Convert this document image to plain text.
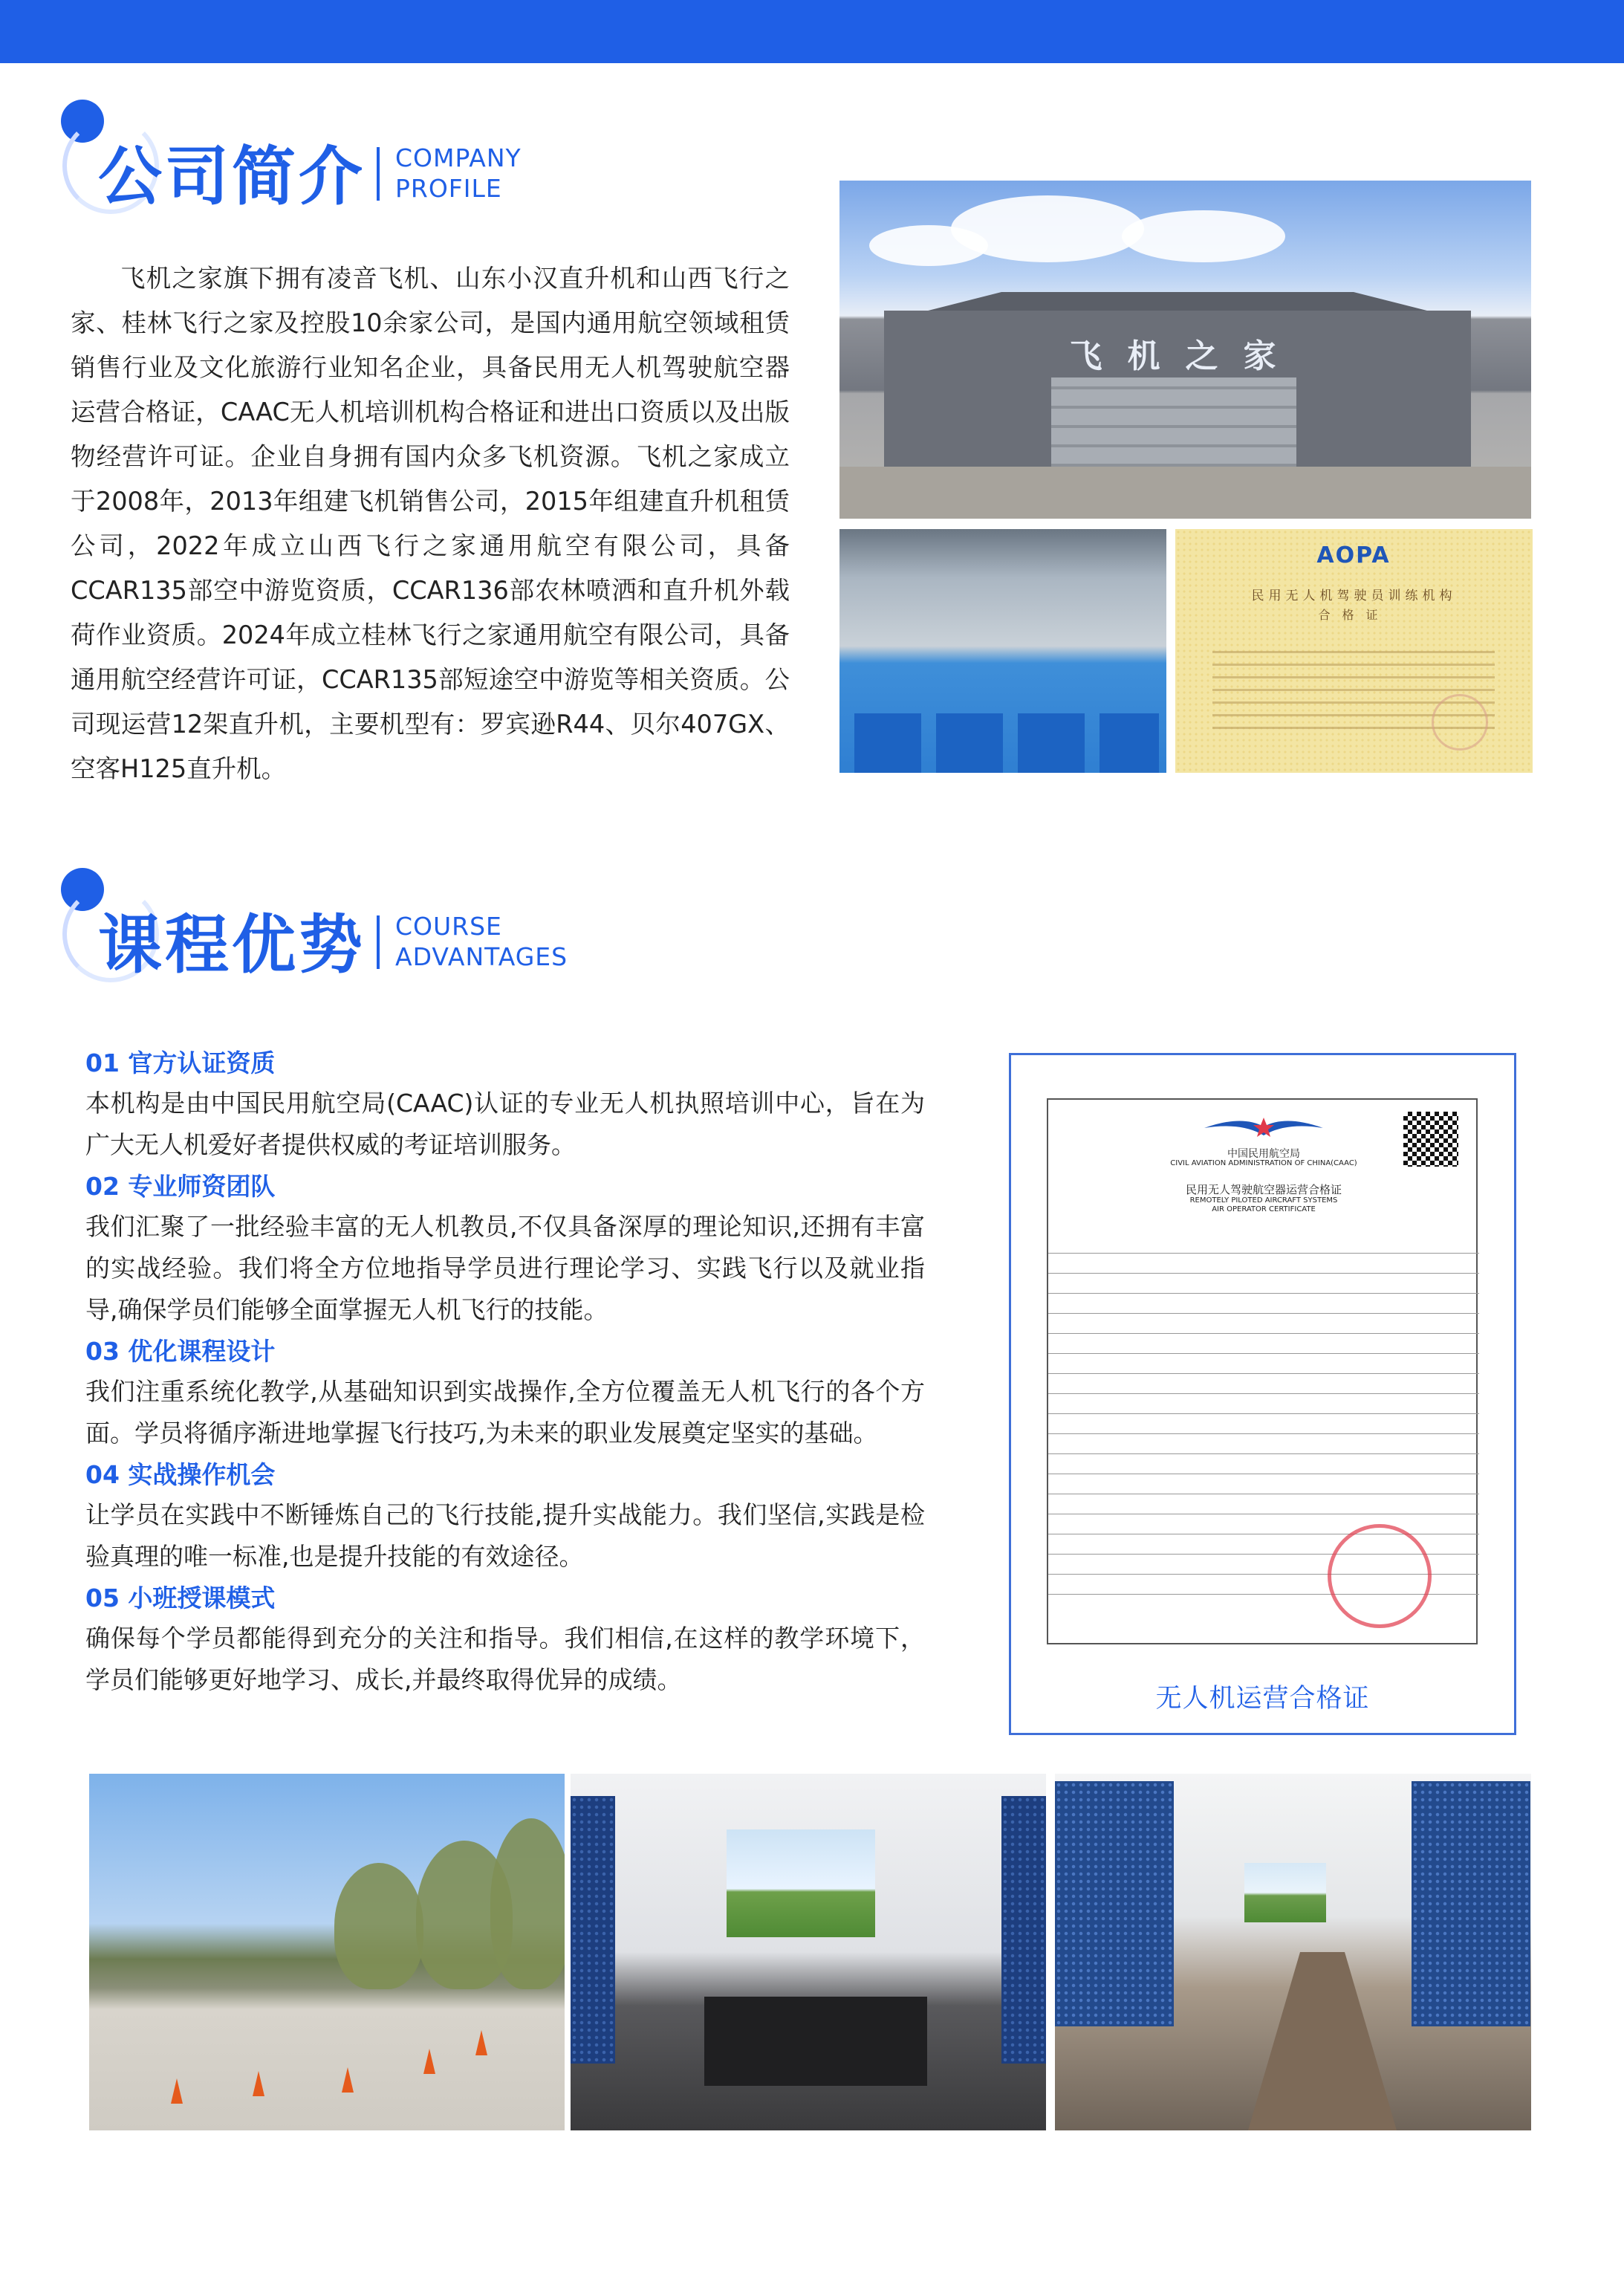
公司简介 COMPANY
PROFILE
飞机之家旗下拥有凌音飞机、山东小汉直升机和山西飞行之家、桂林飞行之家及控股10余家公司，是国内通用航空领域租赁销售行业及文化旅游行业知名企业，具备民用无人机驾驶航空器运营合格证，CAAC无人机培训机构合格证和进出口资质以及出版物经营许可证。企业自身拥有国内众多飞机资源。飞机之家成立于2008年，2013年组建飞机销售公司，2015年组建直升机租赁公司，2022年成立山西飞行之家通用航空有限公司，具备CCAR135部空中游览资质，CCAR136部农林喷洒和直升机外载荷作业资质。2024年成立桂林飞行之家通用航空有限公司，具备通用航空经营许可证，CCAR135部短途空中游览等相关资质。公司现运营12架直升机，主要机型有：罗宾逊R44、贝尔407GX、空客H125直升机。
飞机之家
AOPA
民用无人机驾驶员训练机构
合格证
课程优势 COURSE
ADVANTAGES
01 官方认证资质
本机构是由中国民用航空局(CAAC)认证的专业无人机执照培训中心，旨在为广大无人机爱好者提供权威的考证培训服务。
02 专业师资团队
我们汇聚了一批经验丰富的无人机教员,不仅具备深厚的理论知识,还拥有丰富的实战经验。我们将全方位地指导学员进行理论学习、实践飞行以及就业指导,确保学员们能够全面掌握无人机飞行的技能。
03 优化课程设计
我们注重系统化教学,从基础知识到实战操作,全方位覆盖无人机飞行的各个方面。学员将循序渐进地掌握飞行技巧,为未来的职业发展奠定坚实的基础。
04 实战操作机会
让学员在实践中不断锤炼自己的飞行技能,提升实战能力。我们坚信,实践是检验真理的唯一标准,也是提升技能的有效途径。
05 小班授课模式
确保每个学员都能得到充分的关注和指导。我们相信,在这样的教学环境下，学员们能够更好地学习、成长,并最终取得优异的成绩。
中国民用航空局
CIVIL AVIATION ADMINISTRATION OF CHINA(CAAC)
民用无人驾驶航空器运营合格证
REMOTELY PILOTED AIRCRAFT SYSTEMS
AIR OPERATOR CERTIFICATE
无人机运营合格证
